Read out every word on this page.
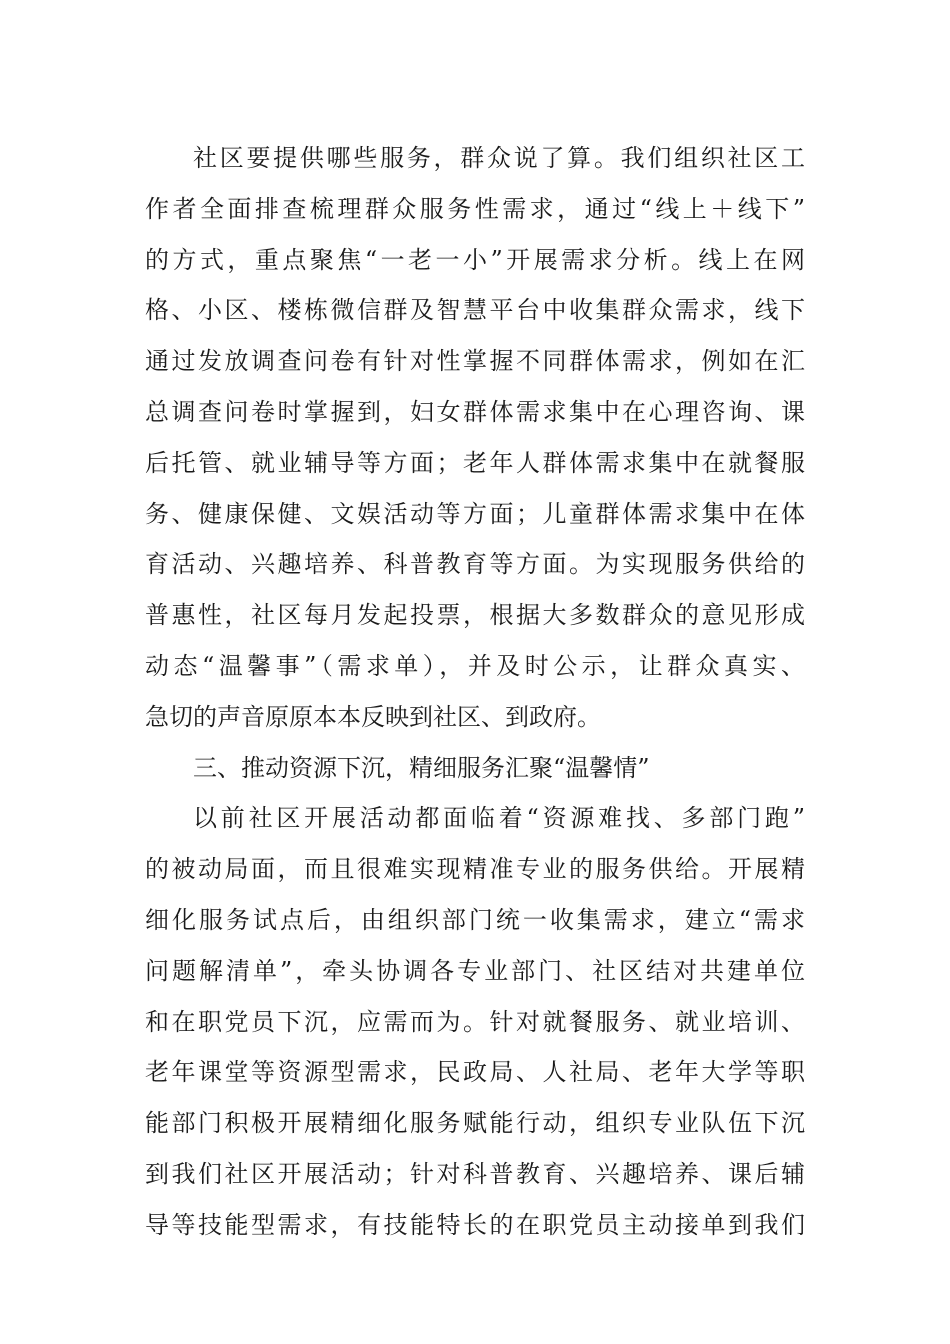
社区要提供哪些服务，群众说了算。我们组织社区工
作者全面排查梳理群众服务性需求，通过“线上＋线下”
的方式，重点聚焦“一老一小”开展需求分析。线上在网
格、小区、楼栋微信群及智慧平台中收集群众需求，线下
通过发放调查问卷有针对性掌握不同群体需求，例如在汇
总调查问卷时掌握到，妇女群体需求集中在心理咨询、课
后托管、就业辅导等方面；老年人群体需求集中在就餐服
务、健康保健、文娱活动等方面；儿童群体需求集中在体
育活动、兴趣培养、科普教育等方面。为实现服务供给的
普惠性，社区每月发起投票，根据大多数群众的意见形成
动态“温馨事”（需求单），并及时公示，让群众真实、
急切的声音原原本本反映到社区、到政府。
三、推动资源下沉，精细服务汇聚“温馨情”
以前社区开展活动都面临着“资源难找、多部门跑”
的被动局面，而且很难实现精准专业的服务供给。开展精
细化服务试点后，由组织部门统一收集需求，建立“需求
问题解清单”，牵头协调各专业部门、社区结对共建单位
和在职党员下沉，应需而为。针对就餐服务、就业培训、
老年课堂等资源型需求，民政局、人社局、老年大学等职
能部门积极开展精细化服务赋能行动，组织专业队伍下沉
到我们社区开展活动；针对科普教育、兴趣培养、课后辅
导等技能型需求，有技能特长的在职党员主动接单到我们
